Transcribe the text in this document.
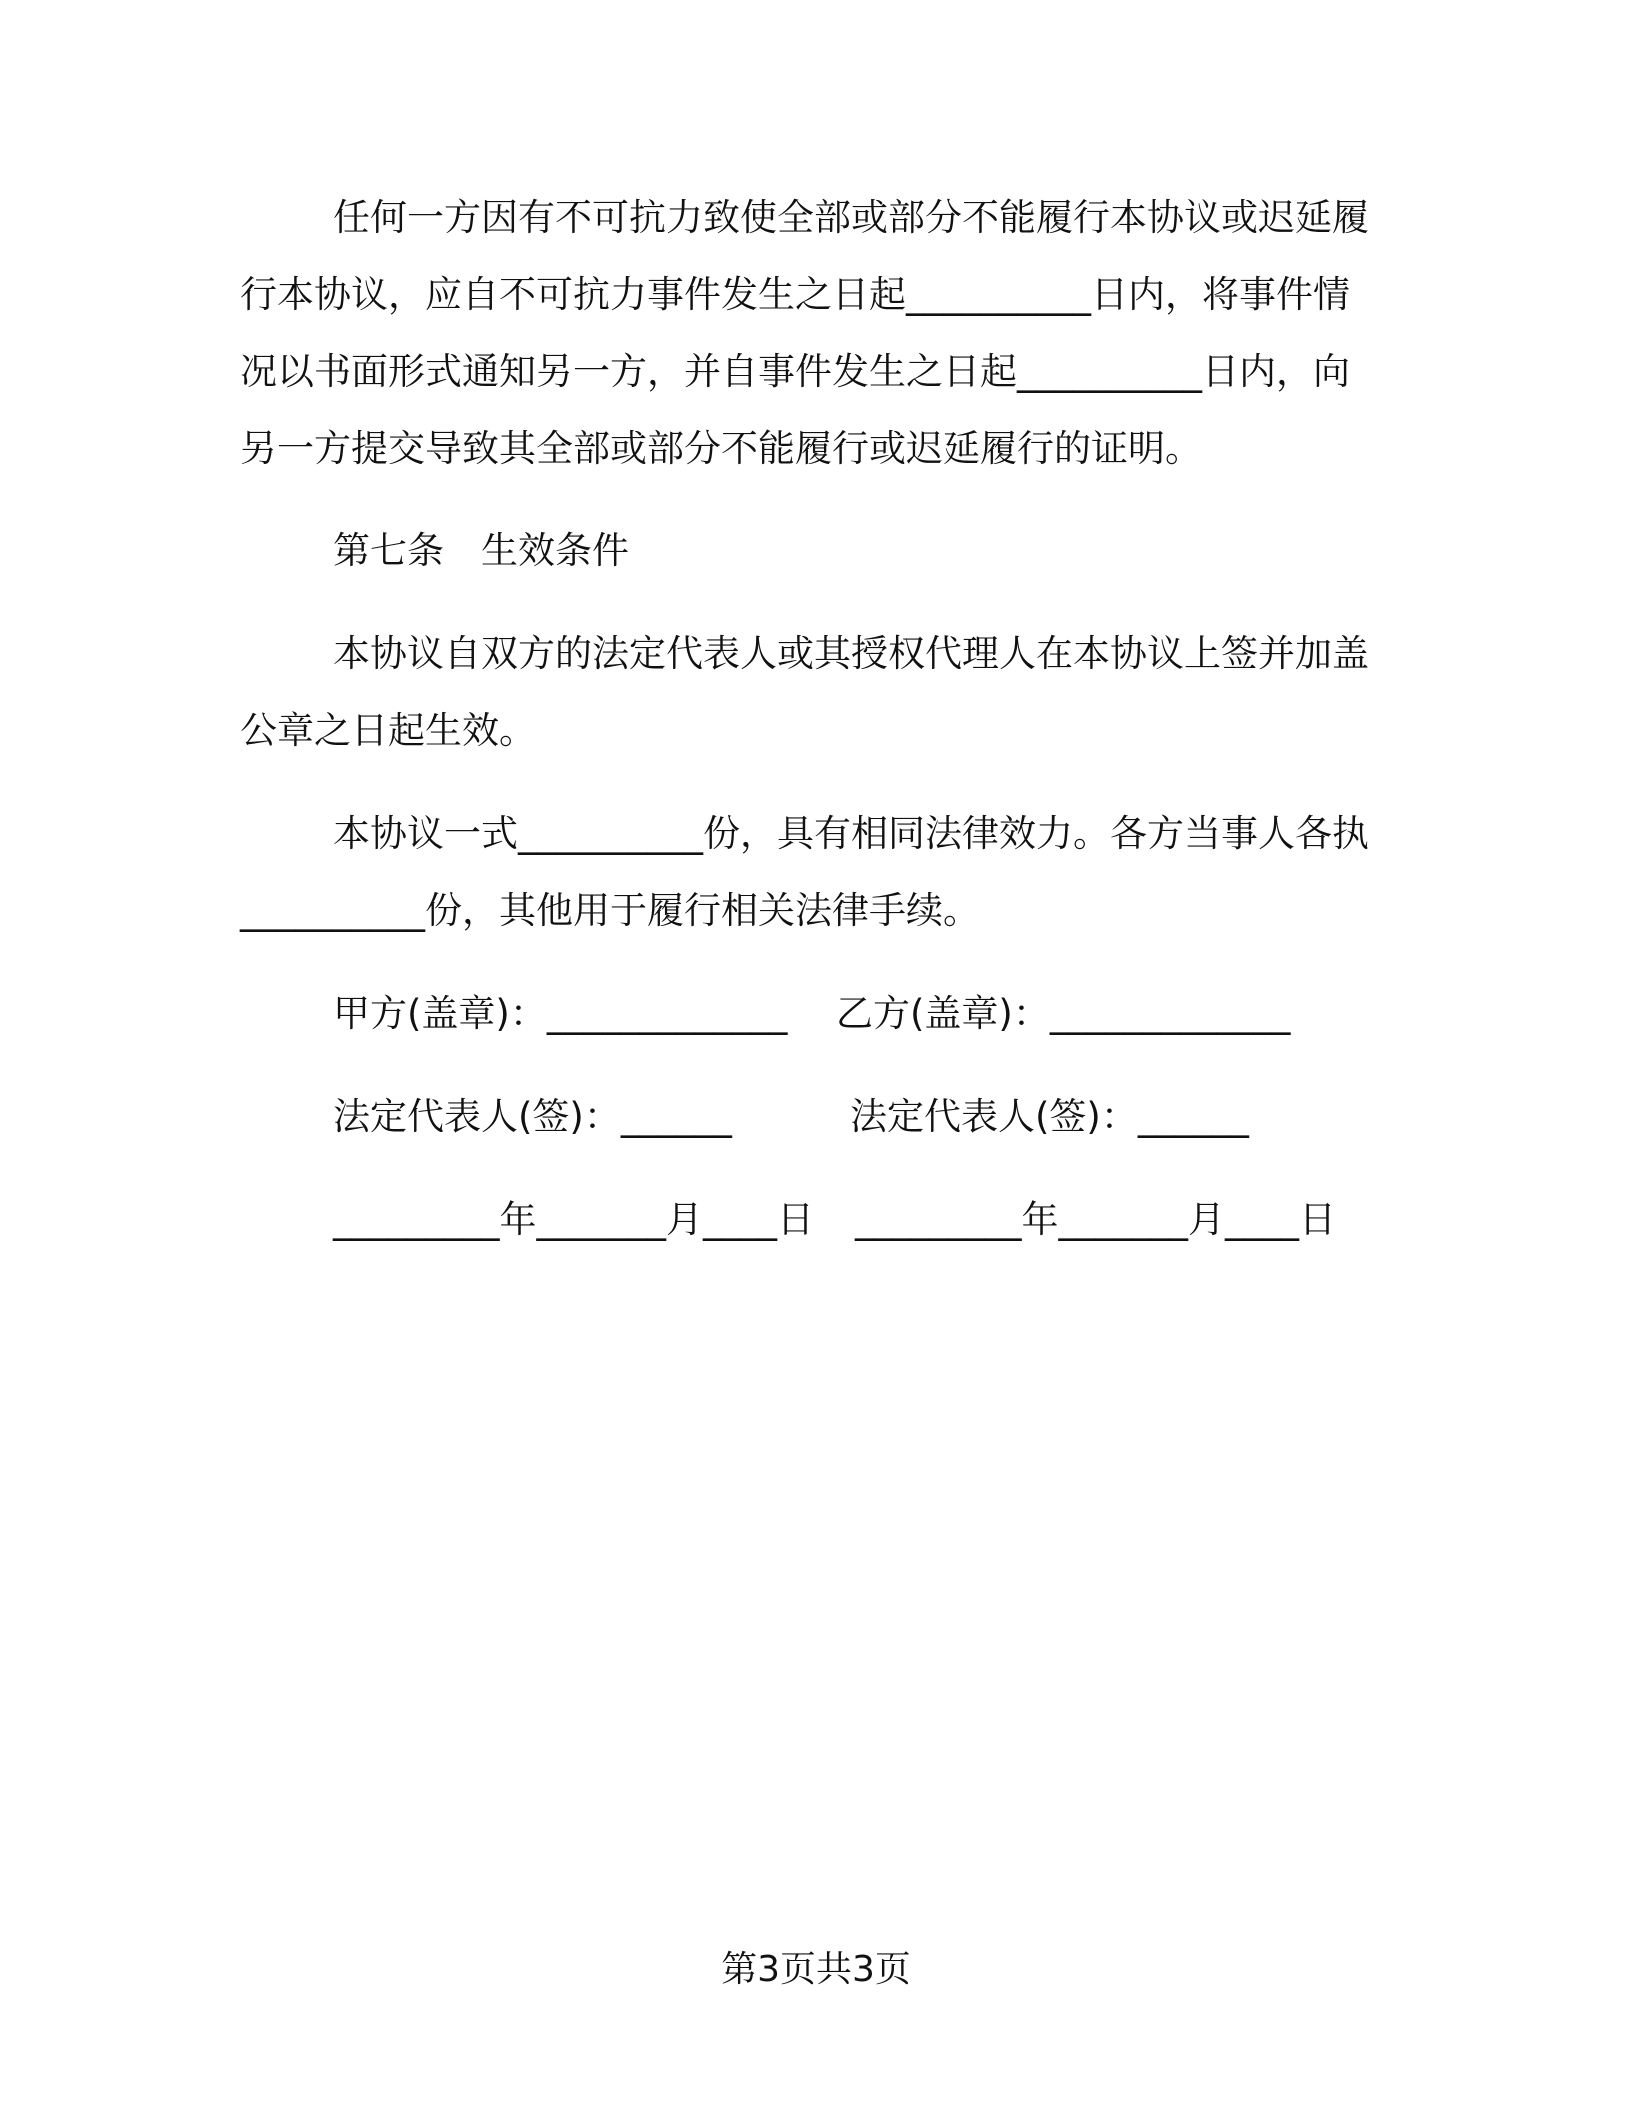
任何一方因有不可抗力致使全部或部分不能履行本协议或迟延履
行本协议，应自不可抗力事件发生之日起__________日内，将事件情
况以书面形式通知另一方，并自事件发生之日起__________日内，向
另一方提交导致其全部或部分不能履行或迟延履行的证明。
第七条　生效条件
本协议自双方的法定代表人或其授权代理人在本协议上签并加盖
公章之日起生效。
本协议一式__________份，具有相同法律效力。各方当事人各执
__________份，其他用于履行相关法律手续。
甲方(盖章)：_____________ 乙方(盖章)：_____________
法定代表人(签)：______	法定代表人(签)：______
_________年_______月____日 _________年_______月____日
第3页共3页
